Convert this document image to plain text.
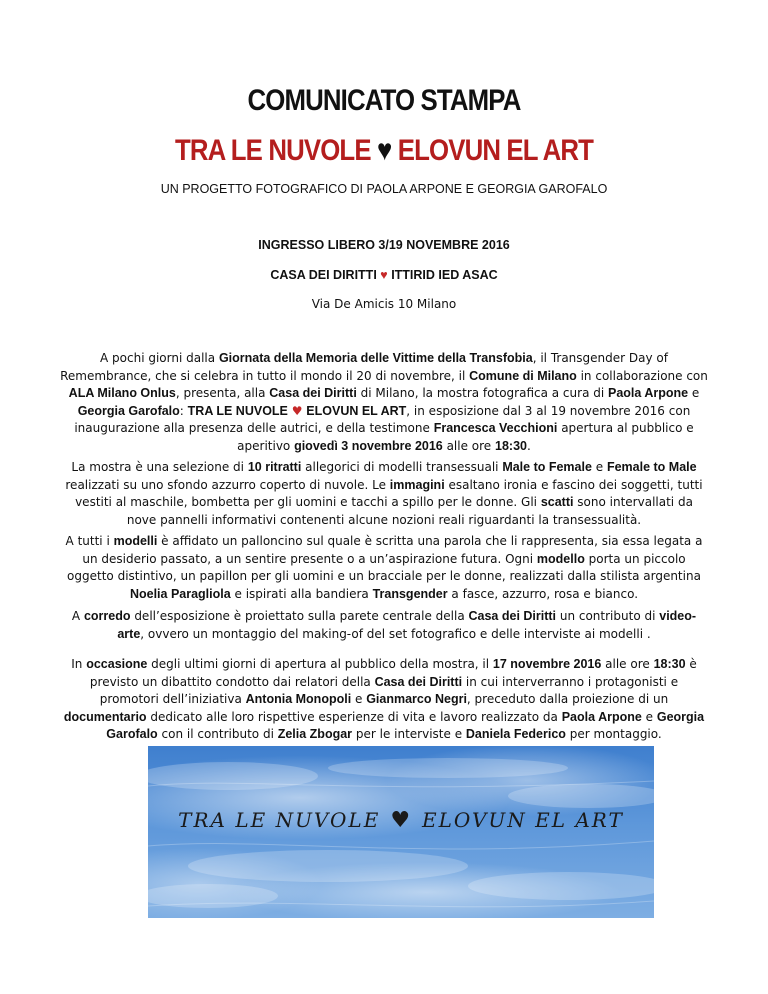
COMUNICATO STAMPA
TRA LE NUVOLE ♥ ELOVUN EL ART
UN PROGETTO FOTOGRAFICO DI PAOLA ARPONE E GEORGIA GAROFALO
INGRESSO LIBERO 3/19 NOVEMBRE 2016
CASA DEI DIRITTI ♥ ITTIRID IED ASAC
Via De Amicis 10 Milano

A pochi giorni dalla Giornata della Memoria delle Vittime della Transfobia, il Transgender Day of Remembrance, che si celebra in tutto il mondo il 20 di novembre, il Comune di Milano in collaborazione con ALA Milano Onlus, presenta, alla Casa dei Diritti di Milano, la mostra fotografica a cura di Paola Arpone e Georgia Garofalo: TRA LE NUVOLE ♥ ELOVUN EL ART, in esposizione dal 3 al 19 novembre 2016 con inaugurazione alla presenza delle autrici, e della testimone Francesca Vecchioni apertura al pubblico e aperitivo giovedì 3 novembre 2016 alle ore 18:30.

La mostra è una selezione di 10 ritratti allegorici di modelli transessuali Male to Female e Female to Male realizzati su uno sfondo azzurro coperto di nuvole. Le immagini esaltano ironia e fascino dei soggetti, tutti vestiti al maschile, bombetta per gli uomini e tacchi a spillo per le donne. Gli scatti sono intervallati da nove pannelli informativi contenenti alcune nozioni reali riguardanti la transessualità.

A tutti i modelli è affidato un palloncino sul quale è scritta una parola che li rappresenta, sia essa legata a un desiderio passato, a un sentire presente o a un’aspirazione futura. Ogni modello porta un piccolo oggetto distintivo, un papillon per gli uomini e un bracciale per le donne, realizzati dalla stilista argentina Noelia Paragliola e ispirati alla bandiera Transgender a fasce, azzurro, rosa e bianco.

A corredo dell’esposizione è proiettato sulla parete centrale della Casa dei Diritti un contributo di video-arte, ovvero un montaggio del making-of del set fotografico e delle interviste ai modelli .

In occasione degli ultimi giorni di apertura al pubblico della mostra, il 17 novembre 2016 alle ore 18:30 è previsto un dibattito condotto dai relatori della Casa dei Diritti in cui interverranno i protagonisti e promotori dell’iniziativa Antonia Monopoli e Gianmarco Negri, preceduto dalla proiezione di un documentario dedicato alle loro rispettive esperienze di vita e lavoro realizzato da Paola Arpone e Georgia Garofalo con il contributo di Zelia Zbogar per le interviste e Daniela Federico per montaggio.

TRA LE NUVOLE ♥ ELOVUN EL ART
